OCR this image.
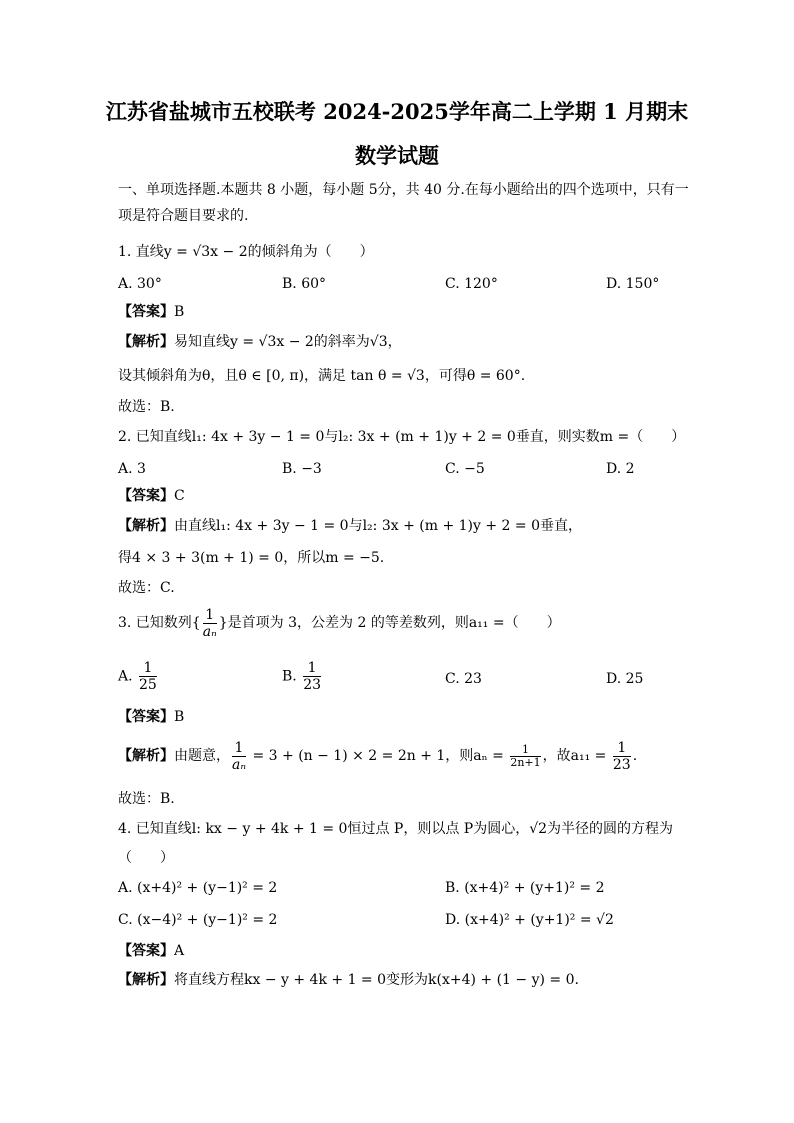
江苏省盐城市五校联考 2024-2025学年高二上学期 1 月期末
数学试题
一、单项选择题.本题共 8 小题，每小题 5分，共 40 分.在每小题给出的四个选项中，只有一
项是符合题目要求的.
1. 直线y = √3x − 2的倾斜角为（　　）
A. 30°	B. 60°	C. 120°	D. 150°
【答案】B
【解析】易知直线y = √3x − 2的斜率为√3，
设其倾斜角为θ，且θ ∈ [0, π)，满足 tan θ = √3，可得θ = 60°.
故选：B.
2. 已知直线l₁: 4x + 3y − 1 = 0与l₂: 3x + (m + 1)y + 2 = 0垂直，则实数m =（　　）
A. 3	B. −3	C. −5	D. 2
【答案】C
【解析】由直线l₁: 4x + 3y − 1 = 0与l₂: 3x + (m + 1)y + 2 = 0垂直，
得4 × 3 + 3(m + 1) = 0，所以m = −5.
故选：C.
3. 已知数列{ $\frac{1}{\text{aₙ}}$ }是首项为 3，公差为 2 的等差数列，则a₁₁ =（　　）
A. $\frac{1}{25}$	B. $\frac{1}{23}$	C. 23	D. 25
【答案】B
【解析】由题意， $\frac{1}{\text{aₙ}} = 3 + (n - 1) \times 2 = 2n + 1$，则$a_n = \frac{1}{2n+1}$ ，故$a_{11} = \frac{1}{23}$ .
故选：B.
4. 已知直线l: kx − y + 4k + 1 = 0恒过点 P，则以点 P为圆心，√2为半径的圆的方程为
（　　）
A. (x+4)² + (y−1)² = 2	B. (x+4)² + (y+1)² = 2
C. (x−4)² + (y−1)² = 2	D. (x+4)² + (y+1)² = √2
【答案】A
【解析】将直线方程kx − y + 4k + 1 = 0变形为k(x+4) + (1 − y) = 0.
